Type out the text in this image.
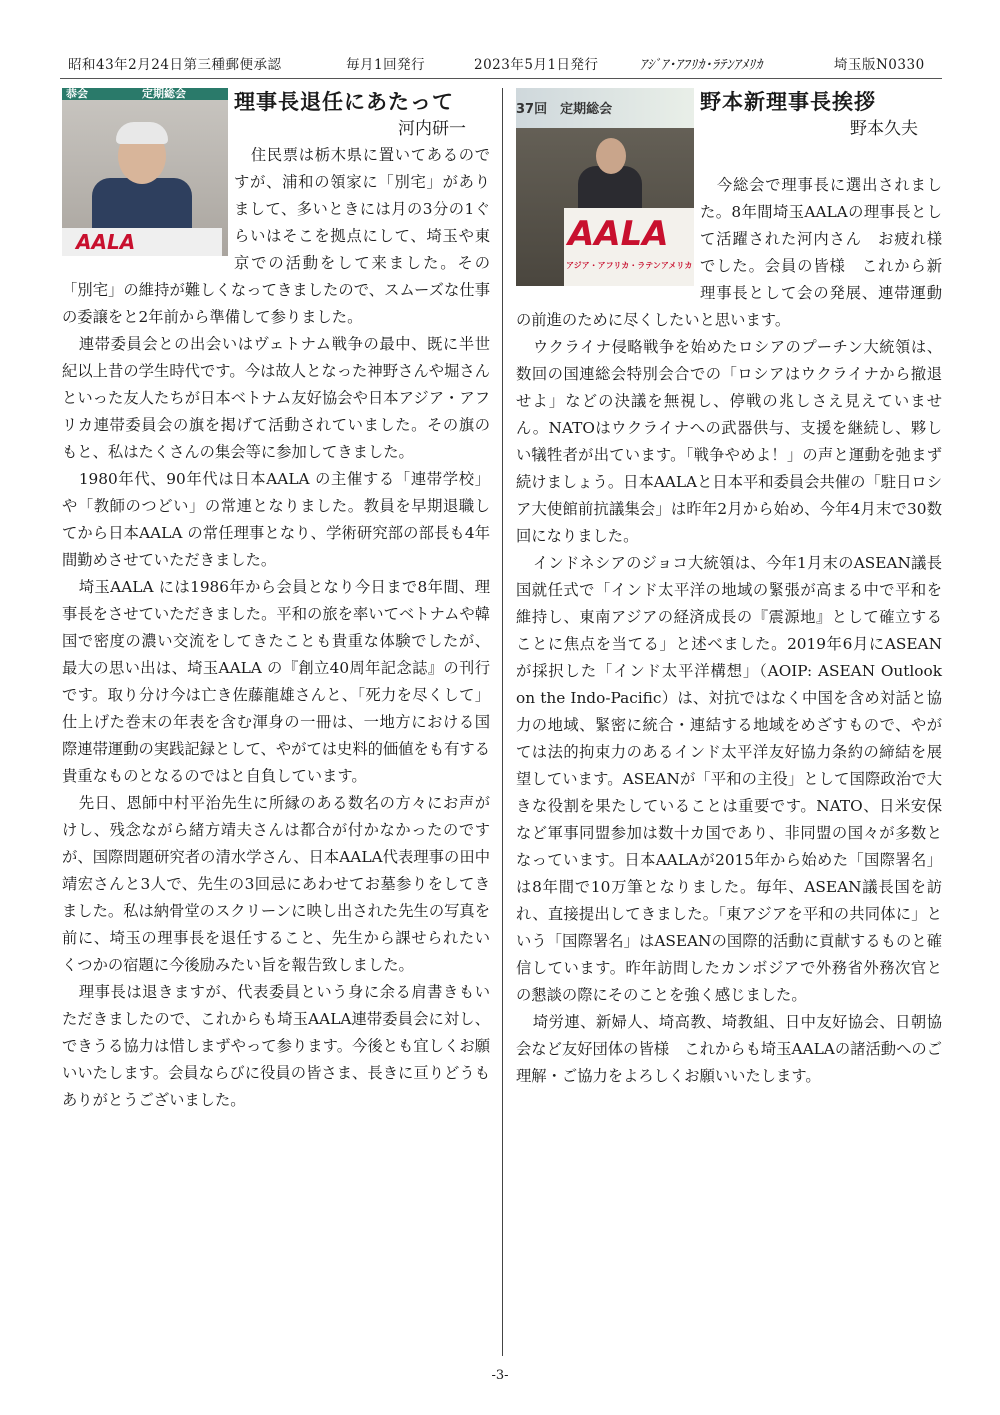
昭和43年2月24日第三種郵便承認	毎月1回発行	2023年5月1日発行	ｱｼﾞｱ･ｱﾌﾘｶ･ﾗﾃﾝｱﾒﾘｶ	埼玉版N0330
恭会	定期総会
AALA
理事長退任にあたって
河内研一

住民票は栃木県に置いてあるのですが、浦和の領家に「別宅」がありまして、多いときには月の3分の1ぐらいはそこを拠点にして、埼玉や東京での活動をして来ました。その「別宅」の維持が難しくなってきましたので、スムーズな仕事の委譲をと2年前から準備して参りました。

連帯委員会との出会いはヴェトナム戦争の最中、既に半世紀以上昔の学生時代です。今は故人となった神野さんや堀さんといった友人たちが日本ベトナム友好協会や日本アジア・アフリカ連帯委員会の旗を掲げて活動されていました。その旗のもと、私はたくさんの集会等に参加してきました。

1980年代、90年代は日本AALA の主催する「連帯学校」や「教師のつどい」の常連となりました。教員を早期退職してから日本AALA の常任理事となり、学術研究部の部長も4年間勤めさせていただきました。

埼玉AALA には1986年から会員となり今日まで8年間、理事長をさせていただきました。平和の旅を率いてベトナムや韓国で密度の濃い交流をしてきたことも貴重な体験でしたが、最大の思い出は、埼玉AALA の『創立40周年記念誌』の刊行です。取り分け今は亡き佐藤龍雄さんと、「死力を尽くして」仕上げた巻末の年表を含む渾身の一冊は、一地方における国際連帯運動の実践記録として、やがては史料的価値をも有する貴重なものとなるのではと自負しています。

先日、恩師中村平治先生に所縁のある数名の方々にお声がけし、残念ながら緒方靖夫さんは都合が付かなかったのですが、国際問題研究者の清水学さん、日本AALA代表理事の田中靖宏さんと3人で、先生の3回忌にあわせてお墓参りをしてきました。私は納骨堂のスクリーンに映し出された先生の写真を前に、埼玉の理事長を退任すること、先生から課せられたいくつかの宿題に今後励みたい旨を報告致しました。

理事長は退きますが、代表委員という身に余る肩書きもいただきましたので、これからも埼玉AALA連帯委員会に対し、できうる協力は惜しまずやって参ります。今後とも宜しくお願いいたします。会員ならびに役員の皆さま、長きに亘りどうもありがとうございました。

37回　定期総会
AALA
アジア・アフリカ・ラテンアメリカ
野本新理事長挨拶
野本久夫

今総会で理事長に選出されました。8年間埼玉AALAの理事長として活躍された河内さん　お疲れ様でした。会員の皆様　これから新理事長として会の発展、連帯運動の前進のために尽くしたいと思います。

ウクライナ侵略戦争を始めたロシアのプーチン大統領は、数回の国連総会特別会合での「ロシアはウクライナから撤退せよ」などの決議を無視し、停戦の兆しさえ見えていません。NATOはウクライナへの武器供与、支援を継続し、夥しい犠牲者が出ています。「戦争やめよ！」の声と運動を弛まず続けましょう。日本AALAと日本平和委員会共催の「駐日ロシア大使館前抗議集会」は昨年2月から始め、今年4月末で30数回になりました。

インドネシアのジョコ大統領は、今年1月末のASEAN議長国就任式で「インド太平洋の地域の緊張が高まる中で平和を維持し、東南アジアの経済成長の『震源地』として確立することに焦点を当てる」と述べました。2019年6月にASEANが採択した「インド太平洋構想」（AOIP: ASEAN Outlook on the Indo-Pacific）は、対抗ではなく中国を含め対話と協力の地域、緊密に統合・連結する地域をめざすもので、やがては法的拘束力のあるインド太平洋友好協力条約の締結を展望しています。ASEANが「平和の主役」として国際政治で大きな役割を果たしていることは重要です。NATO、日米安保など軍事同盟参加は数十カ国であり、非同盟の国々が多数となっています。日本AALAが2015年から始めた「国際署名」は8年間で10万筆となりました。毎年、ASEAN議長国を訪れ、直接提出してきました。「東アジアを平和の共同体に」という「国際署名」はASEANの国際的活動に貢献するものと確信しています。昨年訪問したカンボジアで外務省外務次官との懇談の際にそのことを強く感じました。

埼労連、新婦人、埼高教、埼教組、日中友好協会、日朝協会など友好団体の皆様　これからも埼玉AALAの諸活動へのご理解・ご協力をよろしくお願いいたします。

-3-
